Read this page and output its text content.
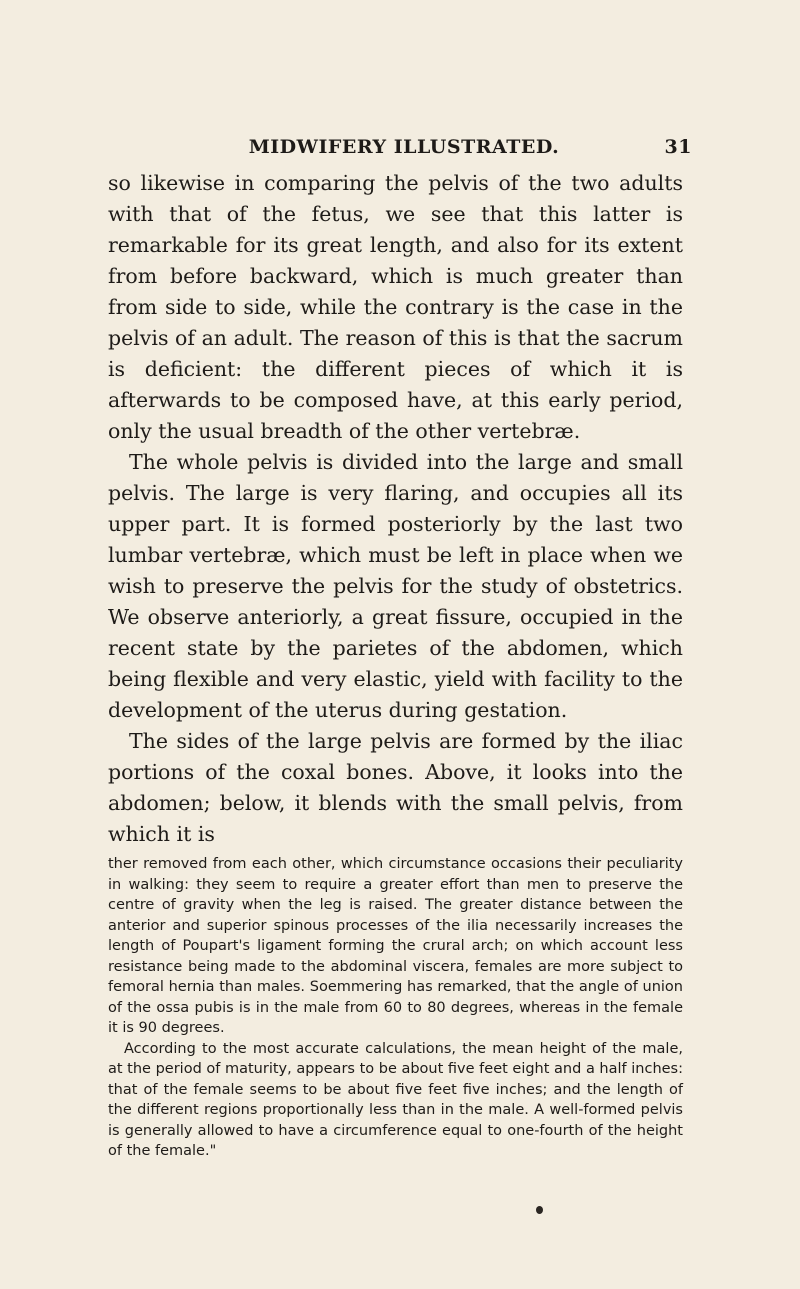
MIDWIFERY ILLUSTRATED.	31

so likewise in comparing the pelvis of the two adults with that of the fetus, we see that this latter is remarkable for its great length, and also for its extent from before backward, which is much greater than from side to side, while the contrary is the case in the pelvis of an adult. The reason of this is that the sacrum is deficient: the different pieces of which it is afterwards to be composed have, at this early period, only the usual breadth of the other vertebræ.

The whole pelvis is divided into the large and small pelvis. The large is very flaring, and occupies all its upper part. It is formed posteriorly by the last two lumbar vertebræ, which must be left in place when we wish to preserve the pelvis for the study of obstetrics. We observe anteriorly, a great fissure, occupied in the recent state by the parietes of the abdomen, which being flexible and very elastic, yield with facility to the development of the uterus during gestation.

The sides of the large pelvis are formed by the iliac portions of the coxal bones. Above, it looks into the abdomen; below, it blends with the small pelvis, from which it is

ther removed from each other, which circumstance occasions their peculiarity in walking: they seem to require a greater effort than men to preserve the centre of gravity when the leg is raised. The greater distance between the anterior and superior spinous processes of the ilia necessarily increases the length of Poupart's ligament forming the crural arch; on which account less resistance being made to the abdominal viscera, females are more subject to femoral hernia than males. Soemmering has remarked, that the angle of union of the ossa pubis is in the male from 60 to 80 degrees, whereas in the female it is 90 degrees.

According to the most accurate calculations, the mean height of the male, at the period of maturity, appears to be about five feet eight and a half inches: that of the female seems to be about five feet five inches; and the length of the different regions proportionally less than in the male. A well-formed pelvis is generally allowed to have a circumference equal to one-fourth of the height of the female."
